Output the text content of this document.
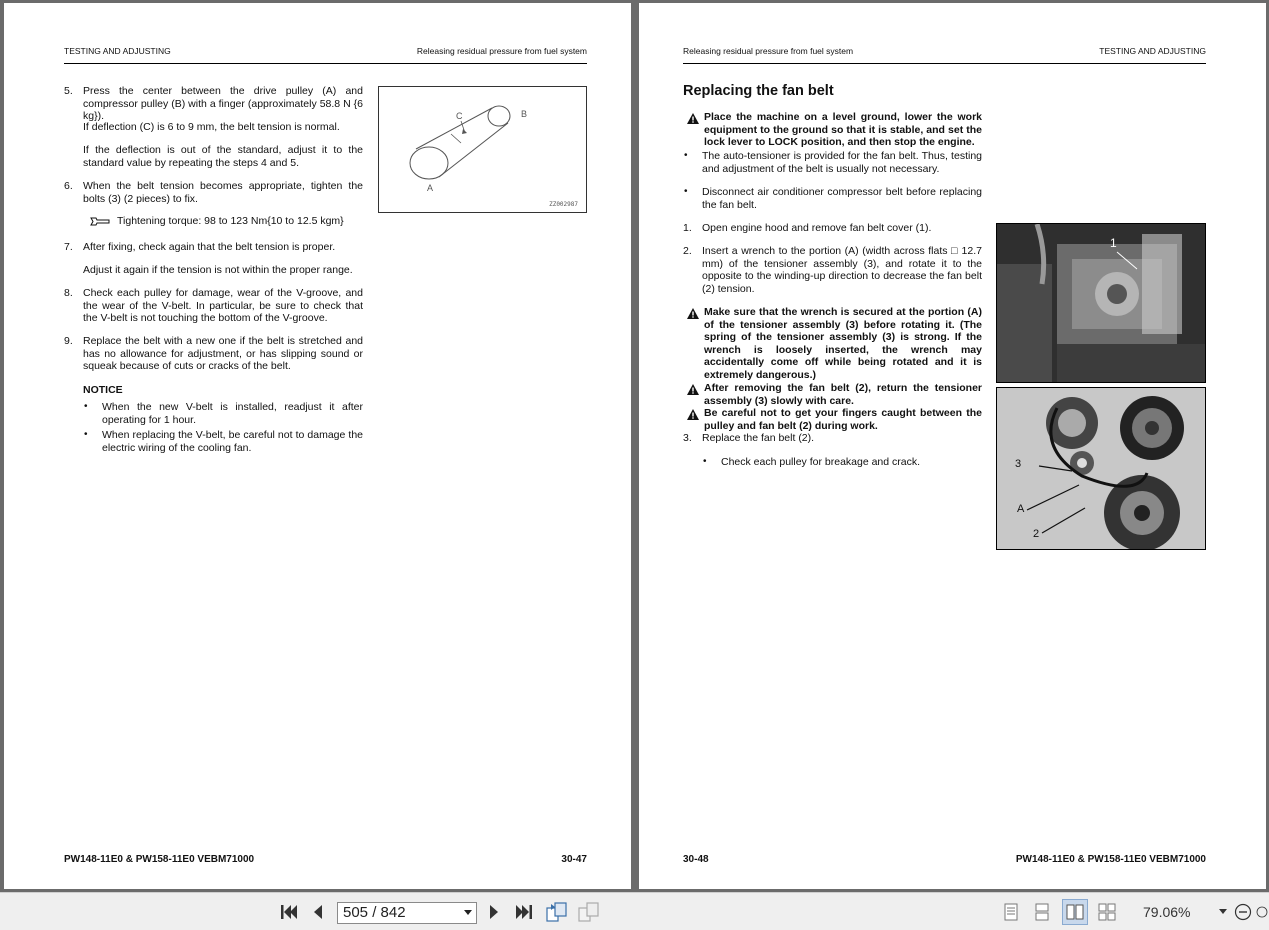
TESTING AND ADJUSTING	Releasing residual pressure from fuel system
5. Press the center between the drive pulley (A) and compressor pulley (B) with a finger (approximately 58.8 N {6 kg}).
If deflection (C) is 6 to 9 mm, the belt tension is normal.
If the deflection is out of the standard, adjust it to the standard value by repeating the steps 4 and 5.
6. When the belt tension becomes appropriate, tighten the bolts (3) (2 pieces) to fix.
Tightening torque: 98 to 123 Nm{10 to 12.5 kgm}
7. After fixing, check again that the belt tension is proper.
Adjust it again if the tension is not within the proper range.
8. Check each pulley for damage, wear of the V-groove, and the wear of the V-belt. In particular, be sure to check that the V-belt is not touching the bottom of the V-groove.
9. Replace the belt with a new one if the belt is stretched and has no allowance for adjustment, or has slipping sound or squeak because of cuts or cracks of the belt.
NOTICE
• When the new V-belt is installed, readjust it after operating for 1 hour.
• When replacing the V-belt, be careful not to damage the electric wiring of the cooling fan.
C	B
A
ZZ002987
PW148-11E0 & PW158-11E0 VEBM71000	30-47
Releasing residual pressure from fuel system	TESTING AND ADJUSTING
Replacing the fan belt
Place the machine on a level ground, lower the work equipment to the ground so that it is stable, and set the lock lever to LOCK position, and then stop the engine.
• The auto-tensioner is provided for the fan belt. Thus, testing and adjustment of the belt is usually not necessary.
• Disconnect air conditioner compressor belt before replacing the fan belt.
1. Open engine hood and remove fan belt cover (1).
2. Insert a wrench to the portion (A) (width across flats □ 12.7 mm) of the tensioner assembly (3), and rotate it to the opposite to the winding-up direction to decrease the fan belt (2) tension.
Make sure that the wrench is secured at the portion (A) of the tensioner assembly (3) before rotating it. (The spring of the tensioner assembly (3) is strong. If the wrench is loosely inserted, the wrench may accidentally come off while being rotated and it is extremely dangerous.)
After removing the fan belt (2), return the tensioner assembly (3) slowly with care.
Be careful not to get your fingers caught between the pulley and fan belt (2) during work.
3. Replace the fan belt (2).
• Check each pulley for breakage and crack.
1
3
A
2
30-48	PW148-11E0 & PW158-11E0 VEBM71000
505 / 842	79.06%
